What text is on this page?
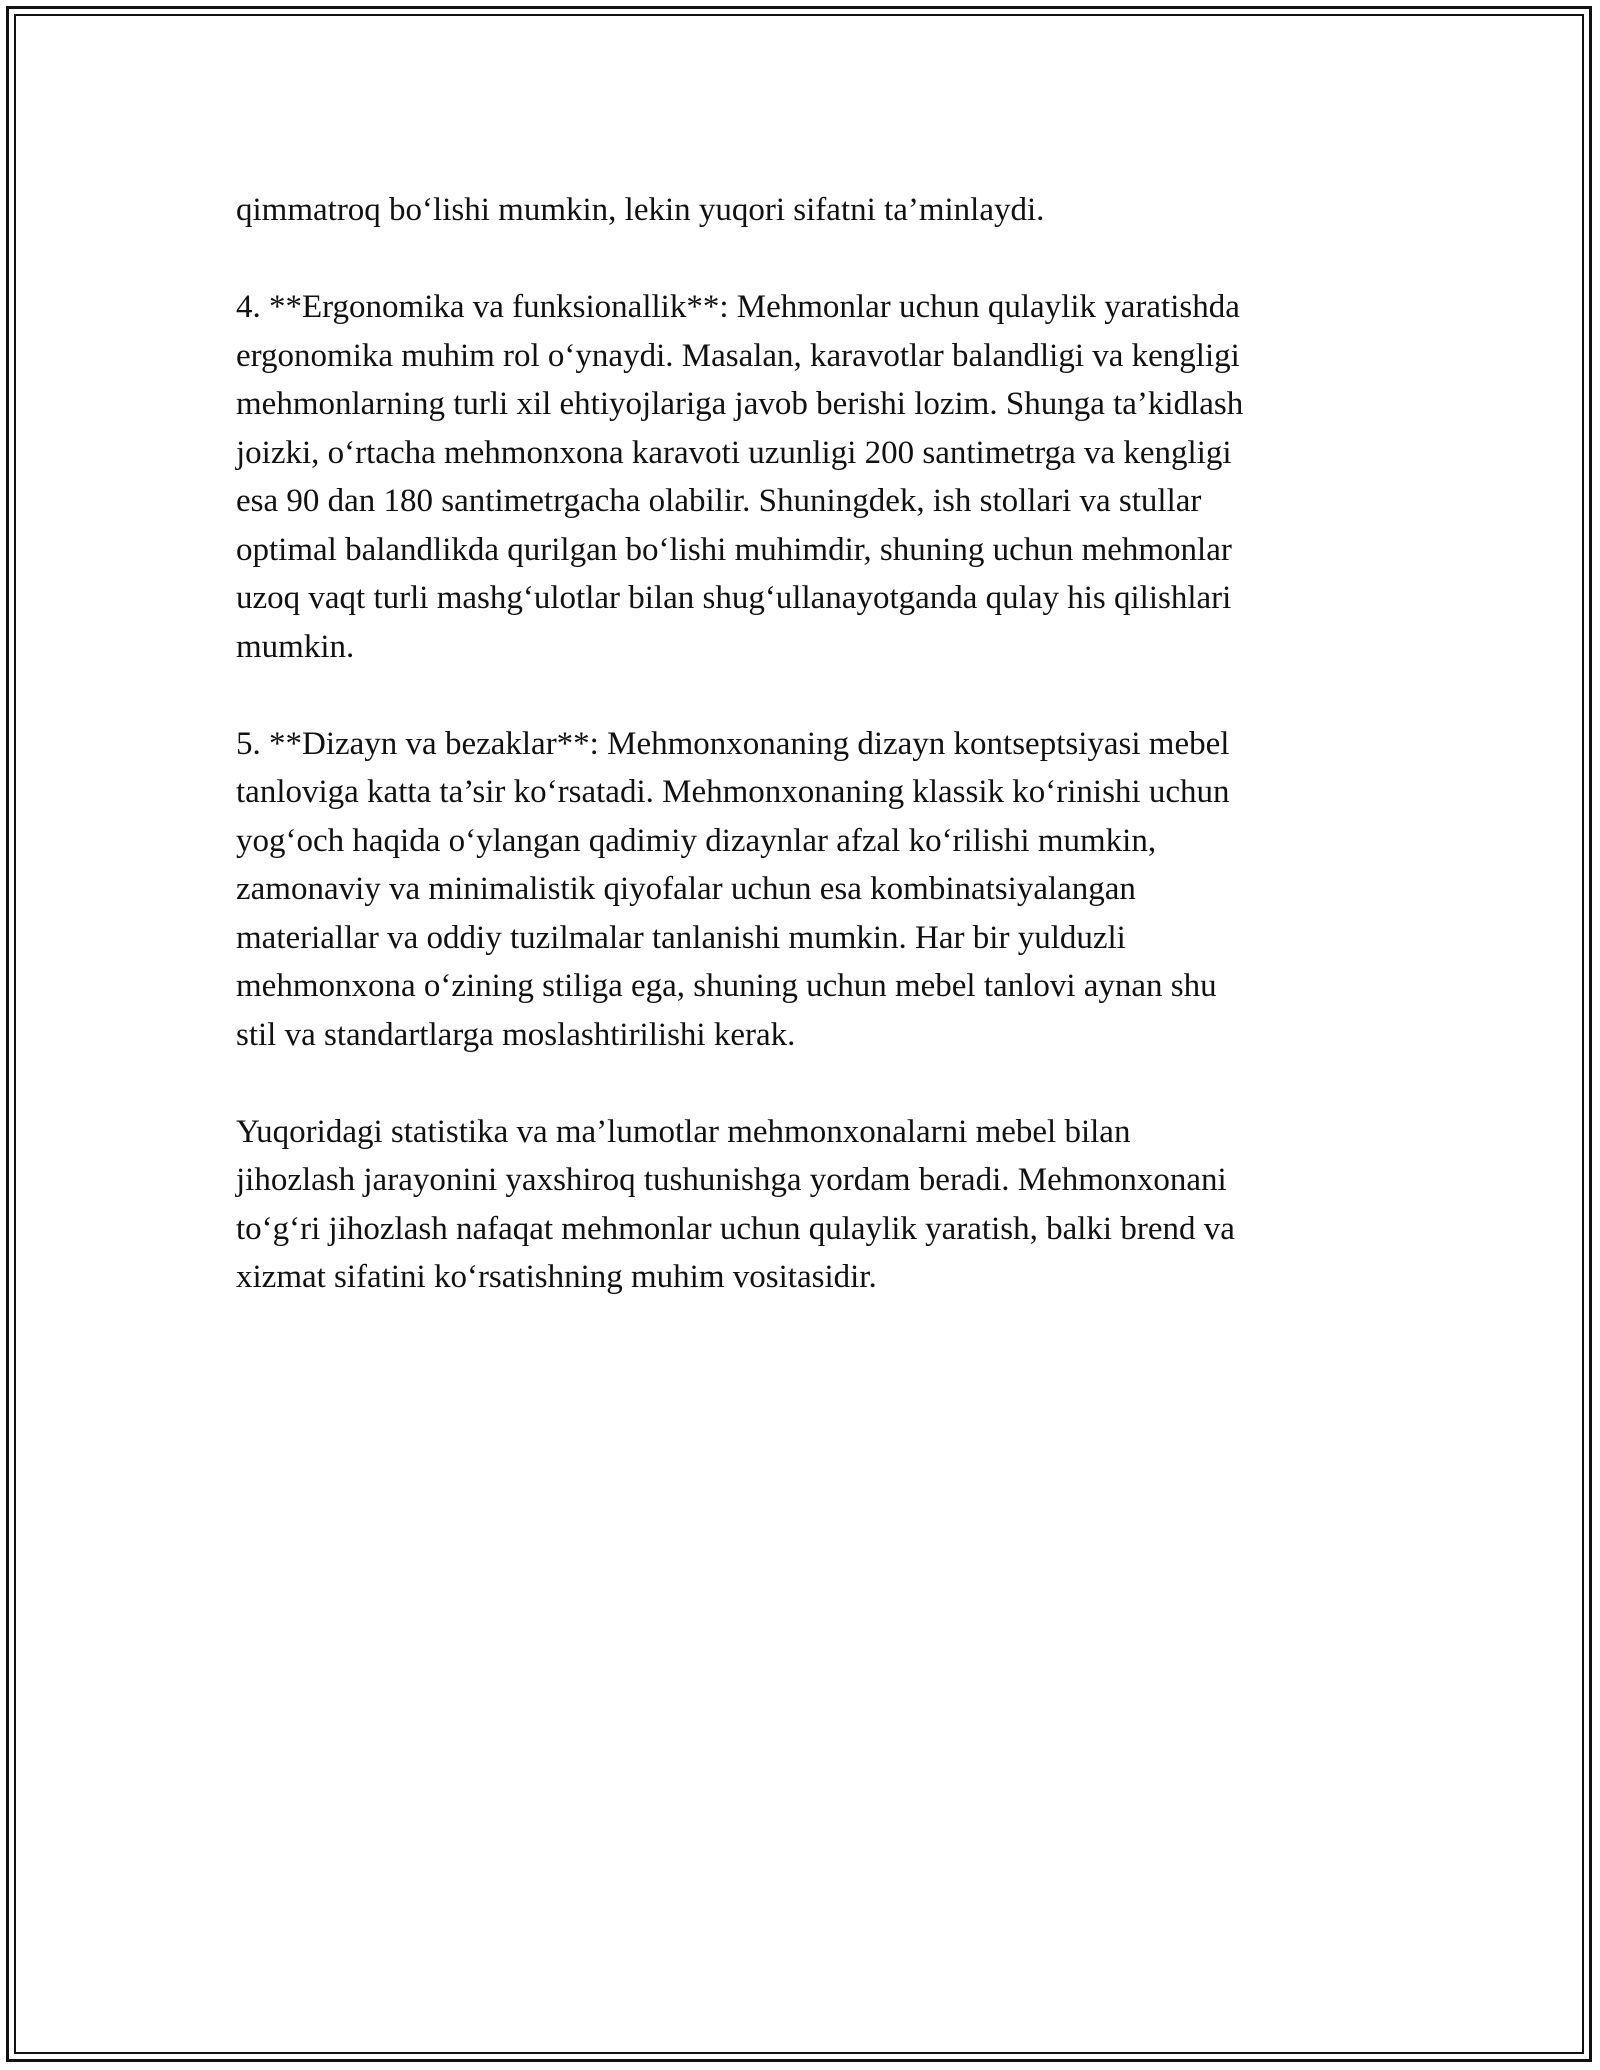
qimmatroq bo‘lishi mumkin, lekin yuqori sifatni ta’minlaydi.

4. **Ergonomika va funksionallik**: Mehmonlar uchun qulaylik yaratishda
ergonomika muhim rol o‘ynaydi. Masalan, karavotlar balandligi va kengligi
mehmonlarning turli xil ehtiyojlariga javob berishi lozim. Shunga ta’kidlash
joizki, o‘rtacha mehmonxona karavoti uzunligi 200 santimetrga va kengligi
esa 90 dan 180 santimetrgacha olabilir. Shuningdek, ish stollari va stullar
optimal balandlikda qurilgan bo‘lishi muhimdir, shuning uchun mehmonlar
uzoq vaqt turli mashg‘ulotlar bilan shug‘ullanayotganda qulay his qilishlari
mumkin.

5. **Dizayn va bezaklar**: Mehmonxonaning dizayn kontseptsiyasi mebel
tanloviga katta ta’sir ko‘rsatadi. Mehmonxonaning klassik ko‘rinishi uchun
yog‘och haqida o‘ylangan qadimiy dizaynlar afzal ko‘rilishi mumkin,
zamonaviy va minimalistik qiyofalar uchun esa kombinatsiyalangan
materiallar va oddiy tuzilmalar tanlanishi mumkin. Har bir yulduzli
mehmonxona o‘zining stiliga ega, shuning uchun mebel tanlovi aynan shu
stil va standartlarga moslashtirilishi kerak.

Yuqoridagi statistika va ma’lumotlar mehmonxonalarni mebel bilan
jihozlash jarayonini yaxshiroq tushunishga yordam beradi. Mehmonxonani
to‘g‘ri jihozlash nafaqat mehmonlar uchun qulaylik yaratish, balki brend va
xizmat sifatini ko‘rsatishning muhim vositasidir.
